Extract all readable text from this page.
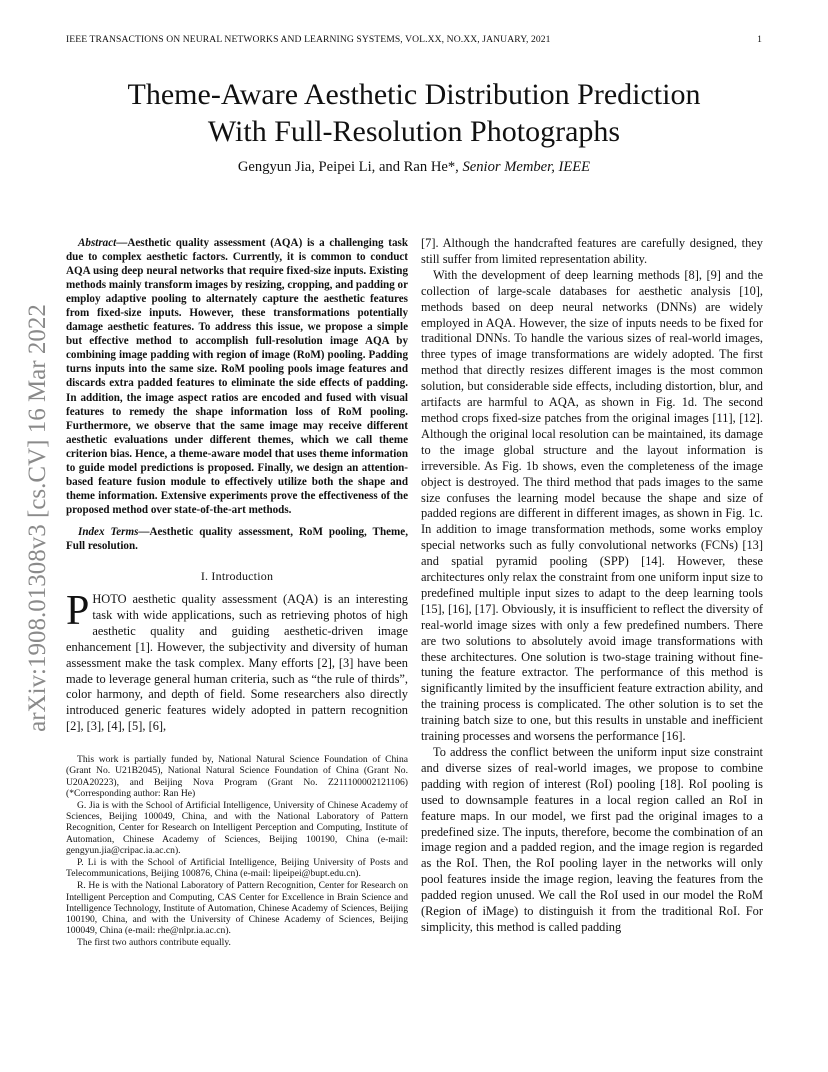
IEEE TRANSACTIONS ON NEURAL NETWORKS AND LEARNING SYSTEMS, VOL.XX, NO.XX, JANUARY, 2021	1
arXiv:1908.01308v3 [cs.CV] 16 Mar 2022
Theme-Aware Aesthetic Distribution Prediction
With Full-Resolution Photographs
Gengyun Jia, Peipei Li, and Ran He*, Senior Member, IEEE

Abstract—Aesthetic quality assessment (AQA) is a challenging task due to complex aesthetic factors. Currently, it is common to conduct AQA using deep neural networks that require fixed-size inputs. Existing methods mainly transform images by resizing, cropping, and padding or employ adaptive pooling to alternately capture the aesthetic features from fixed-size inputs. However, these transformations potentially damage aesthetic features. To address this issue, we propose a simple but effective method to accomplish full-resolution image AQA by combining image padding with region of image (RoM) pooling. Padding turns inputs into the same size. RoM pooling pools image features and discards extra padded features to eliminate the side effects of padding. In addition, the image aspect ratios are encoded and fused with visual features to remedy the shape information loss of RoM pooling. Furthermore, we observe that the same image may receive different aesthetic evaluations under different themes, which we call theme criterion bias. Hence, a theme-aware model that uses theme information to guide model predictions is proposed. Finally, we design an attention-based feature fusion module to effectively utilize both the shape and theme information. Extensive experiments prove the effectiveness of the proposed method over state-of-the-art methods.

Index Terms—Aesthetic quality assessment, RoM pooling, Theme, Full resolution.

I. Introduction

PHOTO aesthetic quality assessment (AQA) is an interesting task with wide applications, such as retrieving photos of high aesthetic quality and guiding aesthetic-driven image enhancement [1]. However, the subjectivity and diversity of human assessment make the task complex. Many efforts [2], [3] have been made to leverage general human criteria, such as “the rule of thirds”, color harmony, and depth of field. Some researchers also directly introduced generic features widely adopted in pattern recognition [2], [3], [4], [5], [6],

This work is partially funded by, National Natural Science Foundation of China (Grant No. U21B2045), National Natural Science Foundation of China (Grant No. U20A20223), and Beijing Nova Program (Grant No. Z211100002121106) (*Corresponding author: Ran He)

G. Jia is with the School of Artificial Intelligence, University of Chinese Academy of Sciences, Beijing 100049, China, and with the National Laboratory of Pattern Recognition, Center for Research on Intelligent Perception and Computing, Institute of Automation, Chinese Academy of Sciences, Beijing 100190, China (e-mail: gengyun.jia@cripac.ia.ac.cn).

P. Li is with the School of Artificial Intelligence, Beijing University of Posts and Telecommunications, Beijing 100876, China (e-mail: lipeipei@bupt.edu.cn).

R. He is with the National Laboratory of Pattern Recognition, Center for Research on Intelligent Perception and Computing, CAS Center for Excellence in Brain Science and Intelligence Technology, Institute of Automation, Chinese Academy of Sciences, Beijing 100190, China, and with the University of Chinese Academy of Sciences, Beijing 100049, China (e-mail: rhe@nlpr.ia.ac.cn).

The first two authors contribute equally.

[7]. Although the handcrafted features are carefully designed, they still suffer from limited representation ability.

With the development of deep learning methods [8], [9] and the collection of large-scale databases for aesthetic analysis [10], methods based on deep neural networks (DNNs) are widely employed in AQA. However, the size of inputs needs to be fixed for traditional DNNs. To handle the various sizes of real-world images, three types of image transformations are widely adopted. The first method that directly resizes different images is the most common solution, but considerable side effects, including distortion, blur, and artifacts are harmful to AQA, as shown in Fig. 1d. The second method crops fixed-size patches from the original images [11], [12]. Although the original local resolution can be maintained, its damage to the image global structure and the layout information is irreversible. As Fig. 1b shows, even the completeness of the image object is destroyed. The third method that pads images to the same size confuses the learning model because the shape and size of padded regions are different in different images, as shown in Fig. 1c. In addition to image transformation methods, some works employ special networks such as fully convolutional networks (FCNs) [13] and spatial pyramid pooling (SPP) [14]. However, these architectures only relax the constraint from one uniform input size to predefined multiple input sizes to adapt to the deep learning tools [15], [16], [17]. Obviously, it is insufficient to reflect the diversity of real-world image sizes with only a few predefined numbers. There are two solutions to absolutely avoid image transformations with these architectures. One solution is two-stage training without fine-tuning the feature extractor. The performance of this method is significantly limited by the insufficient feature extraction ability, and the training process is complicated. The other solution is to set the training batch size to one, but this results in unstable and inefficient training processes and worsens the performance [16].

To address the conflict between the uniform input size constraint and diverse sizes of real-world images, we propose to combine padding with region of interest (RoI) pooling [18]. RoI pooling is used to downsample features in a local region called an RoI in feature maps. In our model, we first pad the original images to a predefined size. The inputs, therefore, become the combination of an image region and a padded region, and the image region is regarded as the RoI. Then, the RoI pooling layer in the networks will only pool features inside the image region, leaving the features from the padded region unused. We call the RoI used in our model the RoM (Region of iMage) to distinguish it from the traditional RoI. For simplicity, this method is called padding
